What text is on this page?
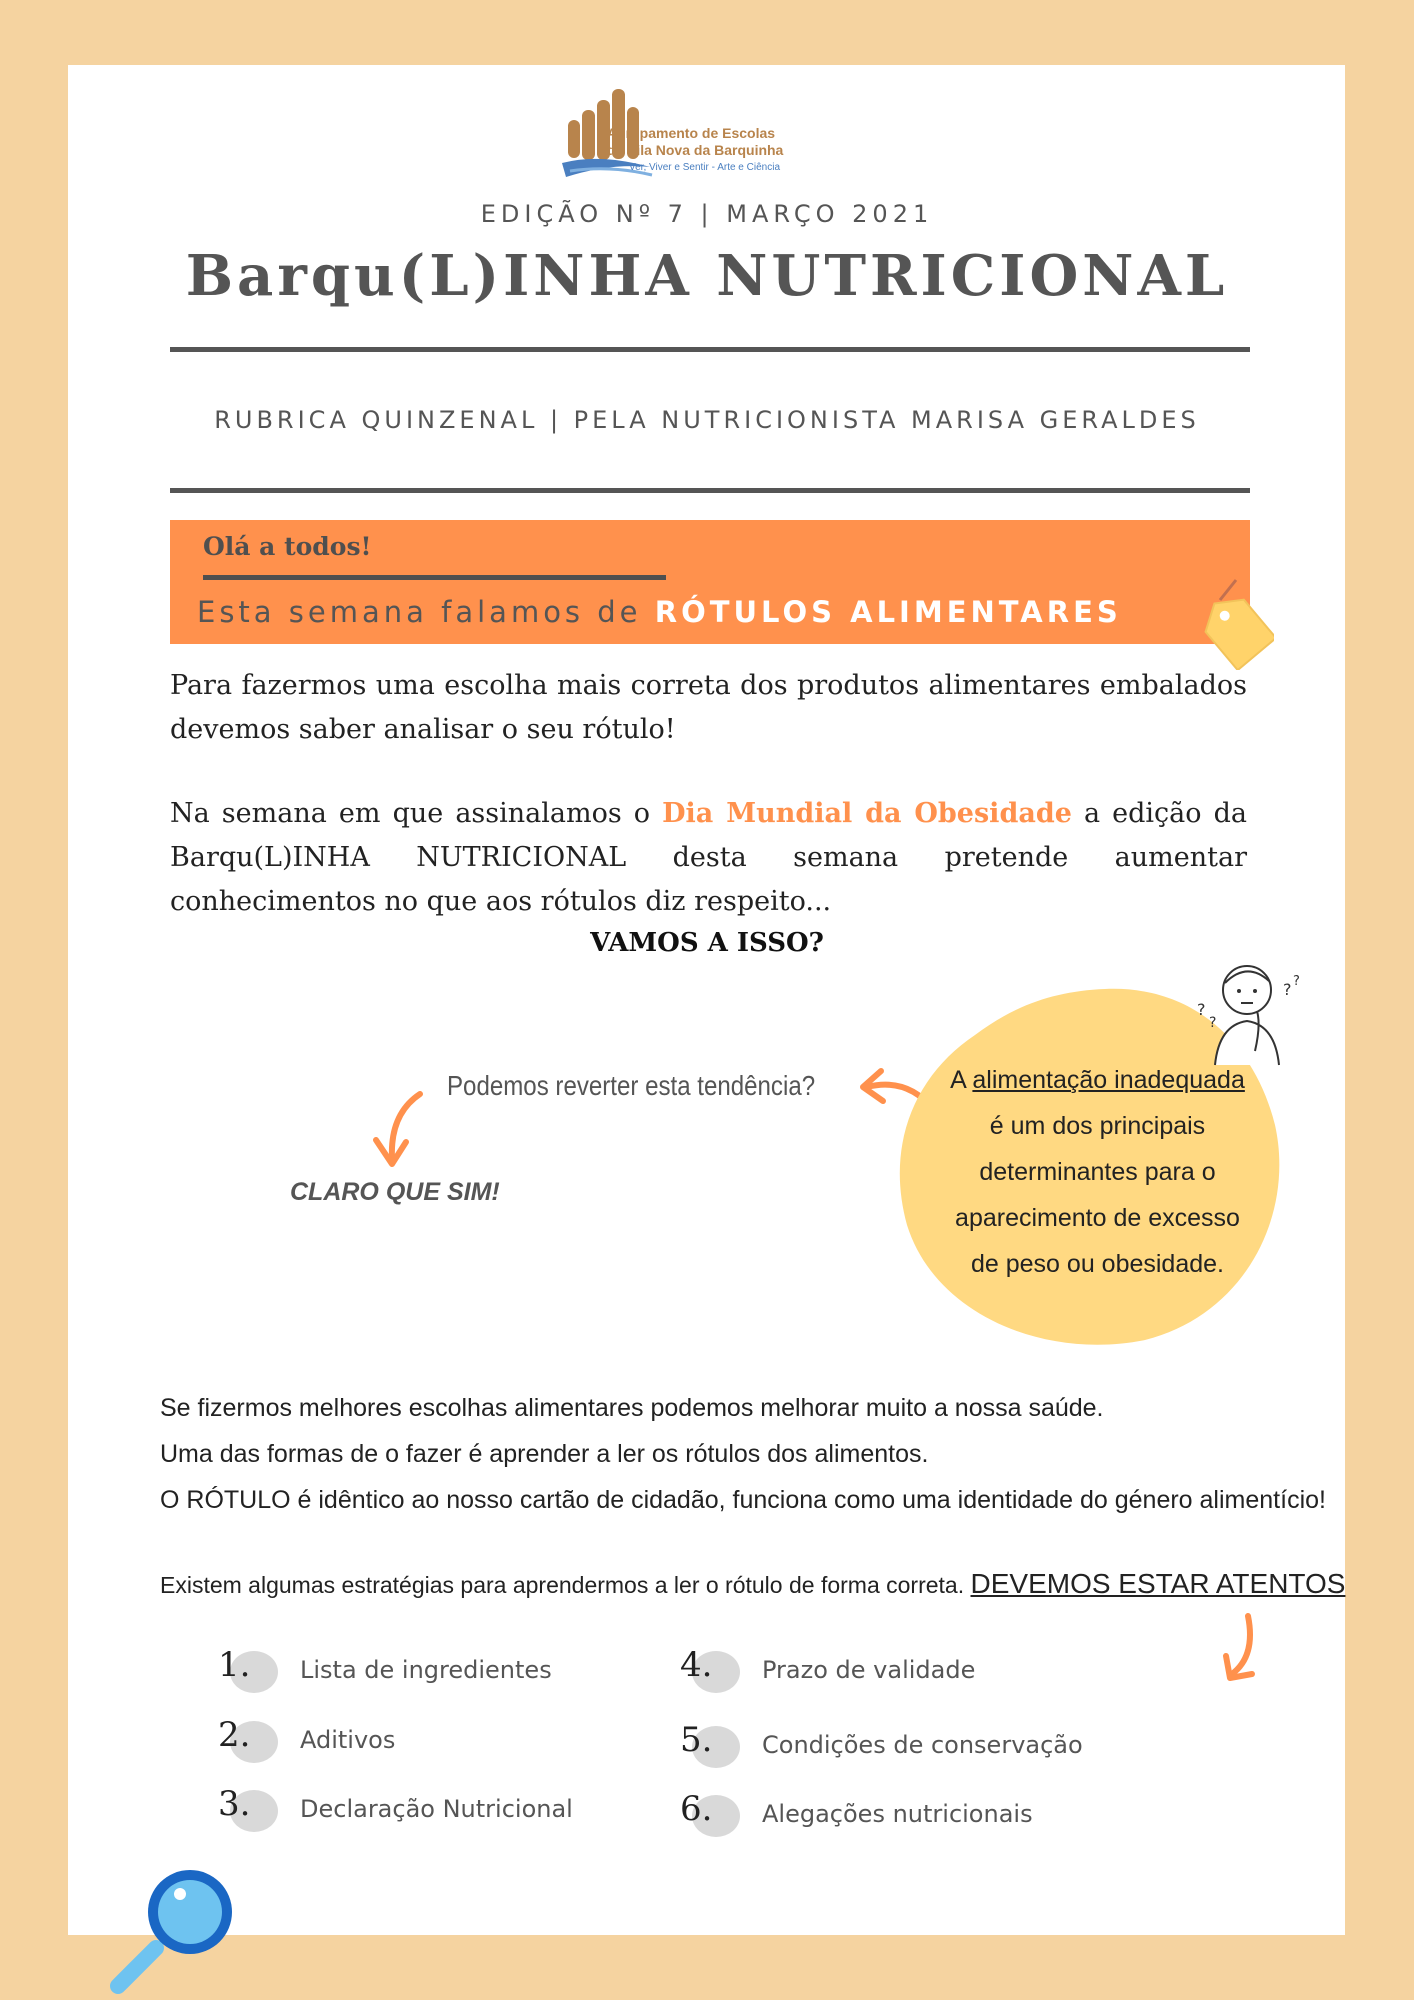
Agrupamento de Escolas
de Vila Nova da Barquinha
Ver, Viver e Sentir - Arte e Ciência
EDIÇÃO Nº 7 | MARÇO 2021
Barqu(L)INHA NUTRICIONAL
RUBRICA QUINZENAL | PELA NUTRICIONISTA MARISA GERALDES
Olá a todos!
Esta semana falamos de RÓTULOS ALIMENTARES
Para fazermos uma escolha mais correta dos produtos alimentares embalados devemos saber analisar o seu rótulo!
Na semana em que assinalamos o Dia Mundial da Obesidade a edição da Barqu(L)INHA NUTRICIONAL desta semana pretende aumentar conhecimentos no que aos rótulos diz respeito...
VAMOS A ISSO?
Podemos reverter esta tendência?
CLARO QUE SIM!
A alimentação inadequada é um dos principais determinantes para o aparecimento de excesso de peso ou obesidade.
?
?
? ?
Se fizermos melhores escolhas alimentares podemos melhorar muito a nossa saúde.
Uma das formas de o fazer é aprender a ler os rótulos dos alimentos.
O RÓTULO é idêntico ao nosso cartão de cidadão, funciona como uma identidade do género alimentício!
Existem algumas estratégias para aprendermos a ler o rótulo de forma correta. DEVEMOS ESTAR ATENTOS
1. Lista de ingredientes
2. Aditivos
3. Declaração Nutricional
4. Prazo de validade
5. Condições de conservação
6. Alegações nutricionais
